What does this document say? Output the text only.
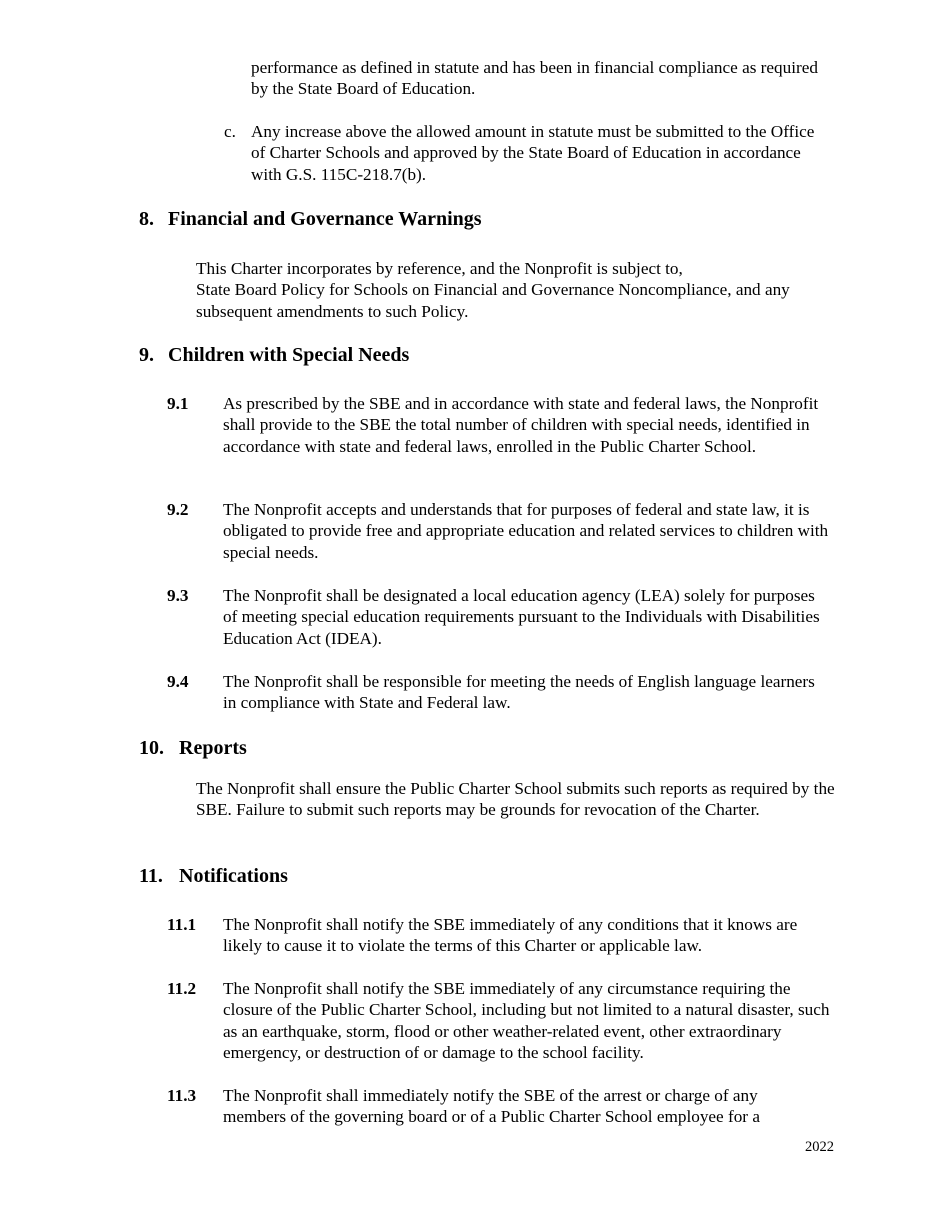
performance as defined in statute and has been in financial compliance as required by the State Board of Education.

c. Any increase above the allowed amount in statute must be submitted to the Office of Charter Schools and approved by the State Board of Education in accordance with G.S. 115C-218.7(b).

8. Financial and Governance Warnings
This Charter incorporates by reference, and the Nonprofit is subject to,
State Board Policy for Schools on Financial and Governance Noncompliance, and any subsequent amendments to such Policy.
9. Children with Special Needs
9.1 As prescribed by the SBE and in accordance with state and federal laws, the Nonprofit shall provide to the SBE the total number of children with special needs, identified in accordance with state and federal laws, enrolled in the Public Charter School.

9.2 The Nonprofit accepts and understands that for purposes of federal and state law, it is obligated to provide free and appropriate education and related services to children with special needs.

9.3 The Nonprofit shall be designated a local education agency (LEA) solely for purposes of meeting special education requirements pursuant to the Individuals with Disabilities Education Act (IDEA).

9.4 The Nonprofit shall be responsible for meeting the needs of English language learners in compliance with State and Federal law.

10. Reports

The Nonprofit shall ensure the Public Charter School submits such reports as required by the SBE. Failure to submit such reports may be grounds for revocation of the Charter.

11. Notifications
11.1 The Nonprofit shall notify the SBE immediately of any conditions that it knows are likely to cause it to violate the terms of this Charter or applicable law.

11.2 The Nonprofit shall notify the SBE immediately of any circumstance requiring the closure of the Public Charter School, including but not limited to a natural disaster, such as an earthquake, storm, flood or other weather-related event, other extraordinary emergency, or destruction of or damage to the school facility.

11.3 The Nonprofit shall immediately notify the SBE of the arrest or charge of any members of the governing board or of a Public Charter School employee for a

2022
